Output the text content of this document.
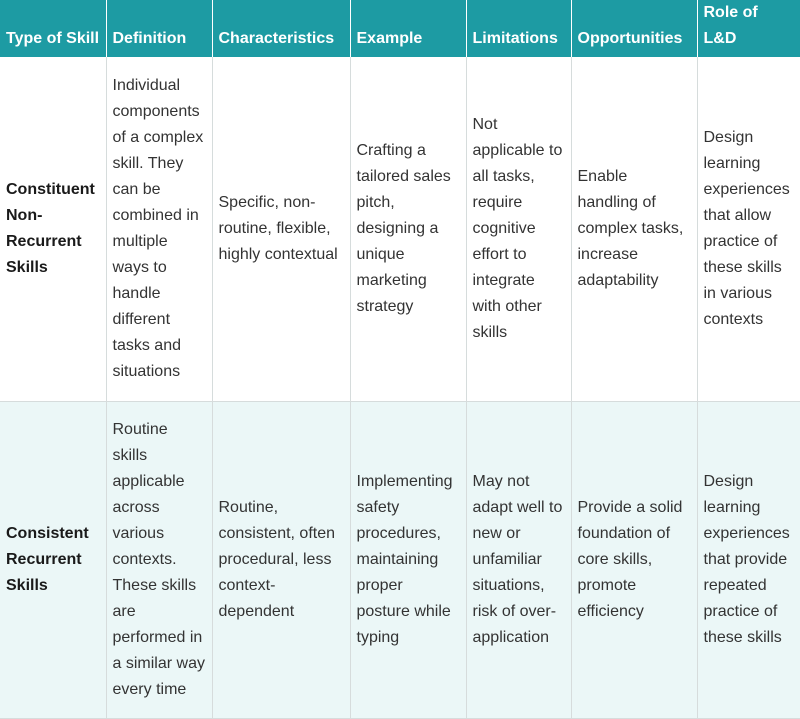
Type of Skill	Definition	Characteristics	Example	Limitations	Opportunities	Role of L&D
Constituent Non-Recurrent Skills	Individual components of a complex skill. They can be combined in multiple ways to handle different tasks and situations	Specific, non-routine, flexible, highly contextual	Crafting a tailored sales pitch, designing a unique marketing strategy	Not applicable to all tasks, require cognitive effort to integrate with other skills	Enable handling of complex tasks, increase adaptability	Design learning experiences that allow practice of these skills in various contexts
Consistent Recurrent Skills	Routine skills applicable across various contexts. These skills are performed in a similar way every time	Routine, consistent, often procedural, less context-dependent	Implementing safety procedures, maintaining proper posture while typing	May not adapt well to new or unfamiliar situations, risk of over-application	Provide a solid foundation of core skills, promote efficiency	Design learning experiences that provide repeated practice of these skills
